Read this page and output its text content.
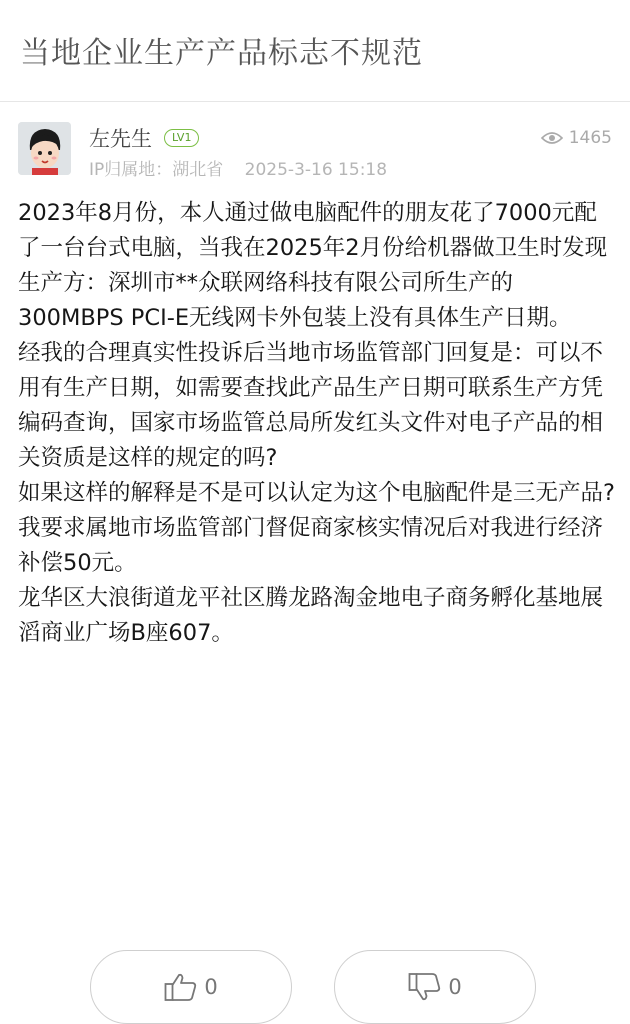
当地企业生产产品标志不规范
左先生	LV1
IP归属地：湖北省 2025-3-16 15:18
1465

2023年8月份，本人通过做电脑配件的朋友花了7000元配了一台台式电脑，当我在2025年2月份给机器做卫生时发现生产方：深圳市**众联网络科技有限公司所生产的300MBPS PCI-E无线网卡外包装上没有具体生产日期。

经我的合理真实性投诉后当地市场监管部门回复是：可以不用有生产日期，如需要查找此产品生产日期可联系生产方凭编码查询，国家市场监管总局所发红头文件对电子产品的相关资质是这样的规定的吗?

如果这样的解释是不是可以认定为这个电脑配件是三无产品?

我要求属地市场监管部门督促商家核实情况后对我进行经济补偿50元。

龙华区大浪街道龙平社区腾龙路淘金地电子商务孵化基地展滔商业广场B座607。

0	0
